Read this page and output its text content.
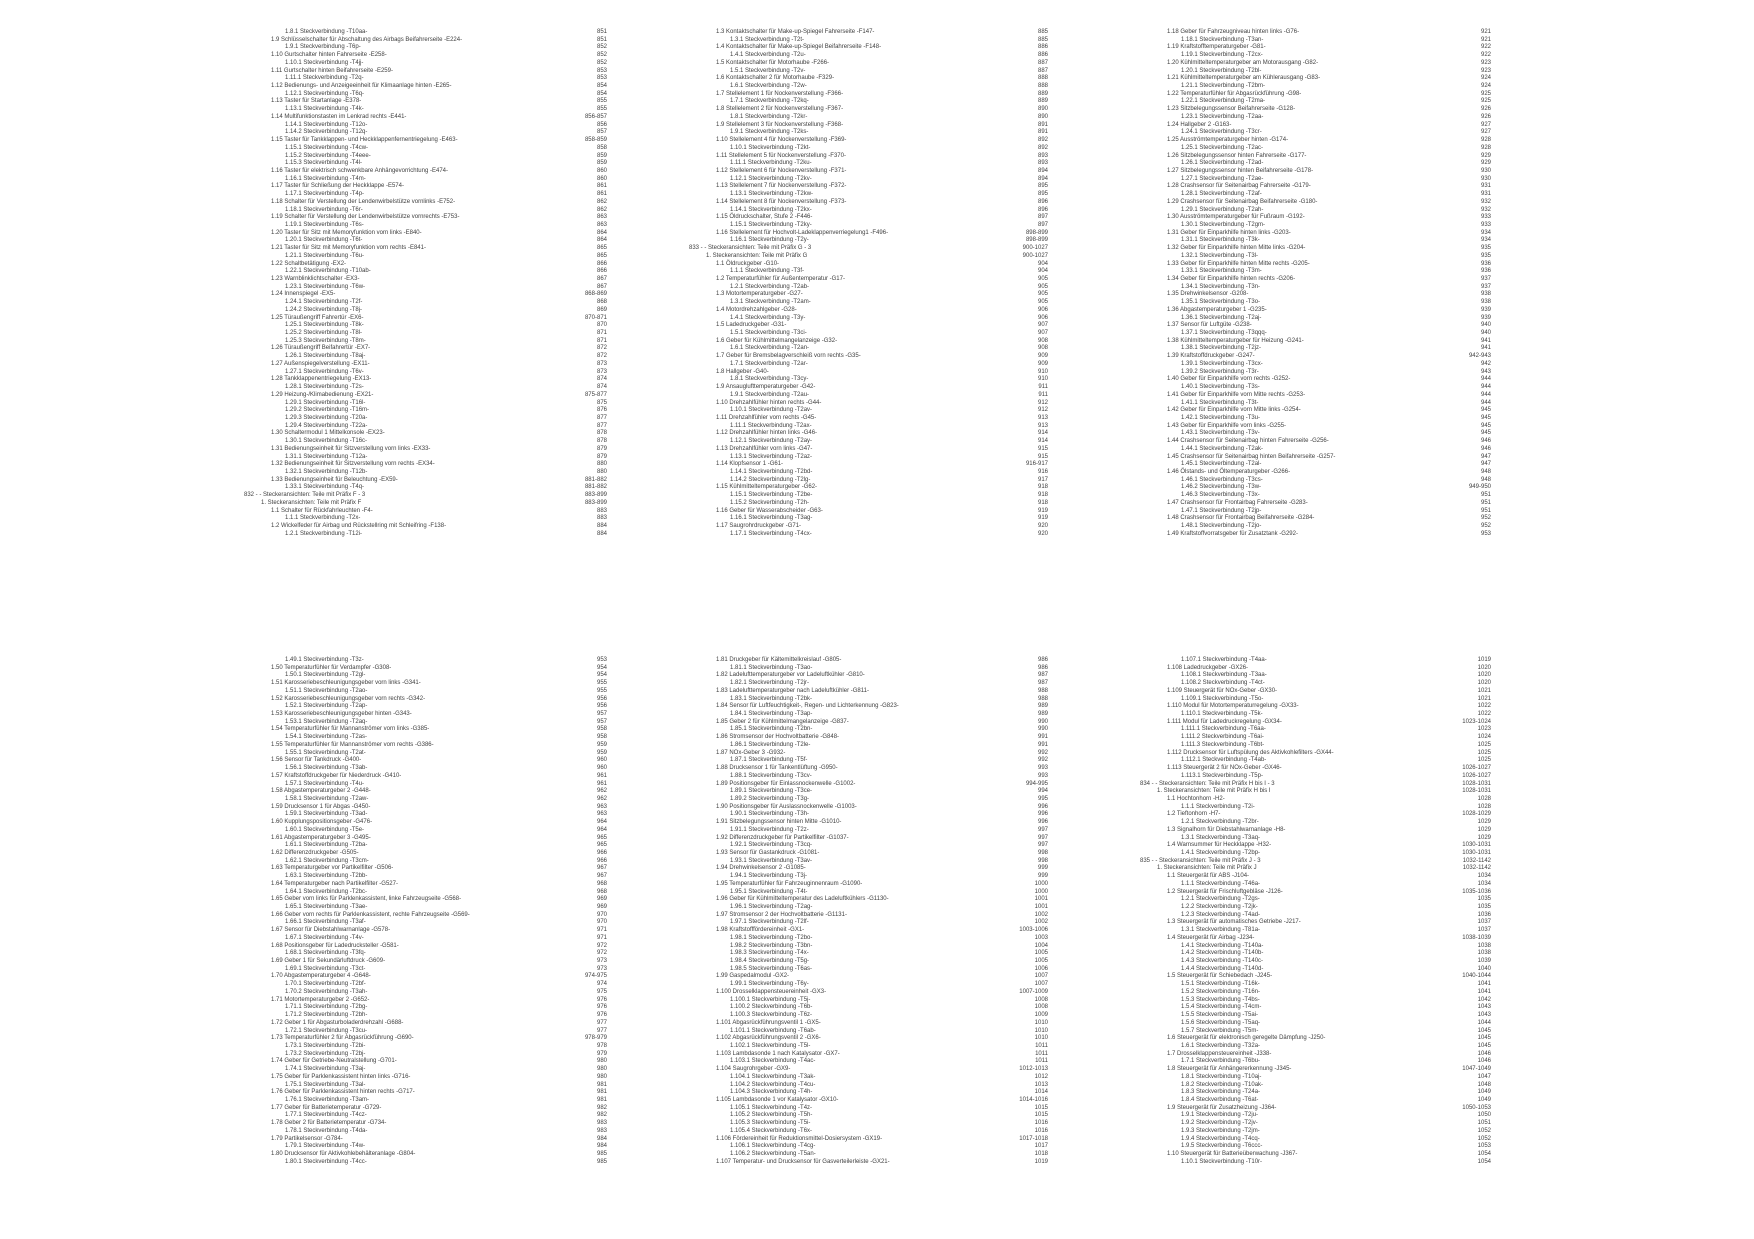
1.8.1 Steckverbindung -T10aa-	851
1.9 Schlüsselschalter für Abschaltung des Airbags Beifahrerseite -E224-	851
1.9.1 Steckverbindung -T6p-	852
1.10 Gurtschalter hinten Fahrerseite -E258-	852
1.10.1 Steckverbindung -T4jj-	852
1.11 Gurtschalter hinten Beifahrerseite -E259-	853
1.11.1 Steckverbindung -T2q-	853
1.12 Bedienungs- und Anzeigeeinheit für Klimaanlage hinten -E265-	854
1.12.1 Steckverbindung -T6q-	854
1.13 Taster für Startanlage -E378-	855
1.13.1 Steckverbindung -T4k-	855
1.14 Multifunktionstasten im Lenkrad rechts -E441-	856-857
1.14.1 Steckverbindung -T12o-	856
1.14.2 Steckverbindung -T12q-	857
1.15 Taster für Tankklappen- und Heckklappenfernentriegelung -E463-	858-859
1.15.1 Steckverbindung -T4cw-	858
1.15.2 Steckverbindung -T4eee-	859
1.15.3 Steckverbindung -T4l-	859
1.16 Taster für elektrisch schwenkbare Anhängevorrichtung -E474-	860
1.16.1 Steckverbindung -T4m-	860
1.17 Taster für Schließung der Heckklappe -E574-	861
1.17.1 Steckverbindung -T4p-	861
1.18 Schalter für Verstellung der Lendenwirbelstütze vornlinks -E752-	862
1.18.1 Steckverbindung -T6r-	862
1.19 Schalter für Verstellung der Lendenwirbelstütze vornrechts -E753-	863
1.19.1 Steckverbindung -T6s-	863
1.20 Taster für Sitz mit Memoryfunktion vorn links -E840-	864
1.20.1 Steckverbindung -T6t-	864
1.21 Taster für Sitz mit Memoryfunktion vorn rechts -E841-	865
1.21.1 Steckverbindung -T6u-	865
1.22 Schaltbetätigung -EX2-	866
1.22.1 Steckverbindung -T10ab-	866
1.23 Warnblinklichtschalter -EX3-	867
1.23.1 Steckverbindung -T6w-	867
1.24 Innenspiegel -EX5-	868-869
1.24.1 Steckverbindung -T2f-	868
1.24.2 Steckverbindung -T8j-	869
1.25 Türaußengriff Fahrertür -EX6-	870-871
1.25.1 Steckverbindung -T8k-	870
1.25.2 Steckverbindung -T8l-	871
1.25.3 Steckverbindung -T8m-	871
1.26 Türaußengriff Beifahrertür -EX7-	872
1.26.1 Steckverbindung -T8aj-	872
1.27 Außenspiegelverstellung -EX11-	873
1.27.1 Steckverbindung -T6v-	873
1.28 Tankklappenentriegelung -EX13-	874
1.28.1 Steckverbindung -T2s-	874
1.29 Heizung-/Klimabedienung -EX21-	875-877
1.29.1 Steckverbindung -T16l-	875
1.29.2 Steckverbindung -T16m-	876
1.29.3 Steckverbindung -T20a-	877
1.29.4 Steckverbindung -T22a-	877
1.30 Schaltermodul 1 Mittelkonsole -EX23-	878
1.30.1 Steckverbindung -T16c-	878
1.31 Bedienungseinheit für Sitzverstellung vorn links -EX33-	879
1.31.1 Steckverbindung -T12a-	879
1.32 Bedienungseinheit für Sitzverstellung vorn rechts -EX34-	880
1.32.1 Steckverbindung -T12b-	880
1.33 Bedienungseinheit für Beleuchtung -EX59-	881-882
1.33.1 Steckverbindung -T4q-	881-882
832 - - Steckeransichten: Teile mit Präfix F - 3	883-899
1. Steckeransichten: Teile mit Präfix F	883-899
1.1 Schalter für Rückfahrleuchten -F4-	883
1.1.1 Steckverbindung -T2x-	883
1.2 Wickelfeder für Airbag und Rückstellring mit Schleifring -F138-	884
1.2.1 Steckverbindung -T12i-	884
1.3 Kontaktschalter für Make-up-Spiegel Fahrerseite -F147-	885
1.3.1 Steckverbindung -T2t-	885
1.4 Kontaktschalter für Make-up-Spiegel Beifahrerseite -F148-	886
1.4.1 Steckverbindung -T2u-	886
1.5 Kontaktschalter für Motorhaube -F266-	887
1.5.1 Steckverbindung -T2v-	887
1.6 Kontaktschalter 2 für Motorhaube -F329-	888
1.6.1 Steckverbindung -T2w-	888
1.7 Stellelement 1 für Nockenverstellung -F366-	889
1.7.1 Steckverbindung -T2kq-	889
1.8 Stellelement 2 für Nockenverstellung -F367-	890
1.8.1 Steckverbindung -T2kr-	890
1.9 Stellelement 3 für Nockenverstellung -F368-	891
1.9.1 Steckverbindung -T2ks-	891
1.10 Stellelement 4 für Nockenverstellung -F369-	892
1.10.1 Steckverbindung -T2kt-	892
1.11 Stellelement 5 für Nockenverstellung -F370-	893
1.11.1 Steckverbindung -T2ku-	893
1.12 Stellelement 6 für Nockenverstellung -F371-	894
1.12.1 Steckverbindung -T2kv-	894
1.13 Stellelement 7 für Nockenverstellung -F372-	895
1.13.1 Steckverbindung -T2kw-	895
1.14 Stellelement 8 für Nockenverstellung -F373-	896
1.14.1 Steckverbindung -T2kx-	896
1.15 Öldruckschalter, Stufe 2 -F446-	897
1.15.1 Steckverbindung -T2ky-	897
1.16 Stellelement für Hochvolt-Ladeklappenverriegelung1 -F496-	898-899
1.16.1 Steckverbindung -T2y-	898-899
833 - - Steckeransichten: Teile mit Präfix G - 3	900-1027
1. Steckeransichten: Teile mit Präfix G	900-1027
1.1 Öldruckgeber -G10-	904
1.1.1 Steckverbindung -T3f-	904
1.2 Temperaturfühler für Außentemperatur -G17-	905
1.2.1 Steckverbindung -T2ab-	905
1.3 Motortemperaturgeber -G27-	905
1.3.1 Steckverbindung -T2am-	905
1.4 Motordrehzahlgeber -G28-	906
1.4.1 Steckverbindung -T3y-	906
1.5 Ladedruckgeber -G31-	907
1.5.1 Steckverbindung -T3ci-	907
1.6 Geber für Kühlmittelmangelanzeige -G32-	908
1.6.1 Steckverbindung -T2an-	908
1.7 Geber für Bremsbelagverschleiß vorn rechts -G35-	909
1.7.1 Steckverbindung -T2ar-	909
1.8 Hallgeber -G40-	910
1.8.1 Steckverbindung -T3cy-	910
1.9 Ansauglufttemperaturgeber -G42-	911
1.9.1 Steckverbindung -T2au-	911
1.10 Drehzahlfühler hinten rechts -G44-	912
1.10.1 Steckverbindung -T2av-	912
1.11 Drehzahlfühler vorn rechts -G45-	913
1.11.1 Steckverbindung -T2ax-	913
1.12 Drehzahlfühler hinten links -G46-	914
1.12.1 Steckverbindung -T2ay-	914
1.13 Drehzahlfühler vorn links -G47-	915
1.13.1 Steckverbindung -T2az-	915
1.14 Klopfsensor 1 -G61-	916-917
1.14.1 Steckverbindung -T2bd-	916
1.14.2 Steckverbindung -T2lg-	917
1.15 Kühlmitteltemperaturgeber -G62-	918
1.15.1 Steckverbindung -T2be-	918
1.15.2 Steckverbindung -T2h-	918
1.16 Geber für Wasserabscheider -G63-	919
1.16.1 Steckverbindung -T3ag-	919
1.17 Saugrohrdruckgeber -G71-	920
1.17.1 Steckverbindung -T4cx-	920
1.18 Geber für Fahrzeugniveau hinten links -G76-	921
1.18.1 Steckverbindung -T3an-	921
1.19 Kraftstofftemperaturgeber -G81-	922
1.19.1 Steckverbindung -T2cx-	922
1.20 Kühlmitteltemperaturgeber am Motorausgang -G82-	923
1.20.1 Steckverbindung -T2bl-	923
1.21 Kühlmitteltemperaturgeber am Kühlerausgang -G83-	924
1.21.1 Steckverbindung -T2bm-	924
1.22 Temperaturfühler für Abgasrückführung -G98-	925
1.22.1 Steckverbindung -T2ma-	925
1.23 Sitzbelegungssensor Beifahrerseite -G128-	926
1.23.1 Steckverbindung -T2aa-	926
1.24 Hallgeber 2 -G163-	927
1.24.1 Steckverbindung -T3cr-	927
1.25 Ausströmtemperaturgeber hinten -G174-	928
1.25.1 Steckverbindung -T2ac-	928
1.26 Sitzbelegungssensor hinten Fahrerseite -G177-	929
1.26.1 Steckverbindung -T2ad-	929
1.27 Sitzbelegungssensor hinten Beifahrerseite -G178-	930
1.27.1 Steckverbindung -T2ae-	930
1.28 Crashsensor für Seitenairbag Fahrerseite -G179-	931
1.28.1 Steckverbindung -T2af-	931
1.29 Crashsensor für Seitenairbag Beifahrerseite -G180-	932
1.29.1 Steckverbindung -T2ah-	932
1.30 Ausströmtemperaturgeber für Fußraum -G192-	933
1.30.1 Steckverbindung -T2gm-	933
1.31 Geber für Einparkhilfe hinten links -G203-	934
1.31.1 Steckverbindung -T3k-	934
1.32 Geber für Einparkhilfe hinten Mitte links -G204-	935
1.32.1 Steckverbindung -T3l-	935
1.33 Geber für Einparkhilfe hinten Mitte rechts -G205-	936
1.33.1 Steckverbindung -T3m-	936
1.34 Geber für Einparkhilfe hinten rechts -G206-	937
1.34.1 Steckverbindung -T3n-	937
1.35 Drehwinkelsensor -G208-	938
1.35.1 Steckverbindung -T3o-	938
1.36 Abgastemperaturgeber 1 -G235-	939
1.36.1 Steckverbindung -T2aj-	939
1.37 Sensor für Luftgüte -G238-	940
1.37.1 Steckverbindung -T3qqq-	940
1.38 Kühlmitteltemperaturgeber für Heizung -G241-	941
1.38.1 Steckverbindung -T2jz-	941
1.39 Kraftstoffdruckgeber -G247-	942-943
1.39.1 Steckverbindung -T3cx-	942
1.39.2 Steckverbindung -T3r-	943
1.40 Geber für Einparkhilfe vorn rechts -G252-	944
1.40.1 Steckverbindung -T3s-	944
1.41 Geber für Einparkhilfe vorn Mitte rechts -G253-	944
1.41.1 Steckverbindung -T3t-	944
1.42 Geber für Einparkhilfe vorn Mitte links -G254-	945
1.42.1 Steckverbindung -T3u-	945
1.43 Geber für Einparkhilfe vorn links -G255-	945
1.43.1 Steckverbindung -T3v-	945
1.44 Crashsensor für Seitenairbag hinten Fahrerseite -G256-	946
1.44.1 Steckverbindung -T2ak-	946
1.45 Crashsensor für Seitenairbag hinten Beifahrerseite -G257-	947
1.45.1 Steckverbindung -T2al-	947
1.46 Ölstands- und Öltemperaturgeber -G266-	948
1.46.1 Steckverbindung -T3cs-	948
1.46.2 Steckverbindung -T3w-	949-950
1.46.3 Steckverbindung -T3x-	951
1.47 Crashsensor für Frontairbag Fahrerseite -G283-	951
1.47.1 Steckverbindung -T2jp-	951
1.48 Crashsensor für Frontairbag Beifahrerseite -G284-	952
1.48.1 Steckverbindung -T2jo-	952
1.49 Kraftstoffvorratsgeber für Zusatztank -G292-	953
1.49.1 Steckverbindung -T3z-	953
1.50 Temperaturfühler für Verdampfer -G308-	954
1.50.1 Steckverbindung -T2gl-	954
1.51 Karosseriebeschleunigungsgeber vorn links -G341-	955
1.51.1 Steckverbindung -T2ao-	955
1.52 Karosseriebeschleunigungsgeber vorn rechts -G342-	956
1.52.1 Steckverbindung -T2ap-	956
1.53 Karosseriebeschleunigungsgeber hinten -G343-	957
1.53.1 Steckverbindung -T2aq-	957
1.54 Temperaturfühler für Mannanströmer vorn links -G385-	958
1.54.1 Steckverbindung -T2as-	958
1.55 Temperaturfühler für Mannanströmer vorn rechts -G386-	959
1.55.1 Steckverbindung -T2at-	959
1.56 Sensor für Tankdruck -G400-	960
1.56.1 Steckverbindung -T3ab-	960
1.57 Kraftstoffdruckgeber für Niederdruck -G410-	961
1.57.1 Steckverbindung -T4u-	961
1.58 Abgastemperaturgeber 2 -G448-	962
1.58.1 Steckverbindung -T2aw-	962
1.59 Drucksensor 1 für Abgas -G450-	963
1.59.1 Steckverbindung -T3ad-	963
1.60 Kupplungspositionsgeber -G476-	964
1.60.1 Steckverbindung -T5e-	964
1.61 Abgastemperaturgeber 3 -G495-	965
1.61.1 Steckverbindung -T2ba-	965
1.62 Differenzdruckgeber -G505-	966
1.62.1 Steckverbindung -T3cm-	966
1.63 Temperaturgeber vor Partikelfilter -G506-	967
1.63.1 Steckverbindung -T2bb-	967
1.64 Temperaturgeber nach Partikelfilter -G527-	968
1.64.1 Steckverbindung -T2bc-	968
1.65 Geber vorn links für Parklenkassistent, linke Fahrzeugseite -G568-	969
1.65.1 Steckverbindung -T3ae-	969
1.66 Geber vorn rechts für Parklenkassistent, rechte Fahrzeugseite -G569-	970
1.66.1 Steckverbindung -T3af-	970
1.67 Sensor für Diebstahlwarnanlage -G578-	971
1.67.1 Steckverbindung -T4v-	971
1.68 Positionsgeber für Ladedrucksteller -G581-	972
1.68.1 Steckverbindung -T3fq-	972
1.69 Geber 1 für Sekundärluftdruck -G609-	973
1.69.1 Steckverbindung -T3ct-	973
1.70 Abgastemperaturgeber 4 -G648-	974-975
1.70.1 Steckverbindung -T2bf-	974
1.70.2 Steckverbindung -T3ah-	975
1.71 Motortemperaturgeber 2 -G652-	976
1.71.1 Steckverbindung -T2bg-	976
1.71.2 Steckverbindung -T2bh-	976
1.72 Geber 1 für Abgasturboladerdrehzahl -G688-	977
1.72.1 Steckverbindung -T3cu-	977
1.73 Temperaturfühler 2 für Abgasrückführung -G690-	978-979
1.73.1 Steckverbindung -T2bi-	978
1.73.2 Steckverbindung -T2bj-	979
1.74 Geber für Getriebe-Neutralstellung -G701-	980
1.74.1 Steckverbindung -T3aj-	980
1.75 Geber für Parklenkassistent hinten links -G716-	980
1.75.1 Steckverbindung -T3al-	981
1.76 Geber für Parklenkassistent hinten rechts -G717-	981
1.76.1 Steckverbindung -T3am-	981
1.77 Geber für Batterietemperatur -G729-	982
1.77.1 Steckverbindung -T4cz-	982
1.78 Geber 2 für Batterietemperatur -G734-	983
1.78.1 Steckverbindung -T4da-	983
1.79 Partikelsensor -G784-	984
1.79.1 Steckverbindung -T4w-	984
1.80 Drucksensor für Aktivkohlebehälteranlage -G804-	985
1.80.1 Steckverbindung -T4cc-	985
1.81 Druckgeber für Kältemittelkreislauf -G805-	986
1.81.1 Steckverbindung -T3ao-	986
1.82 Ladelufttemperaturgeber vor Ladeluftkühler -G810-	987
1.82.1 Steckverbindung -T2jr-	987
1.83 Ladelufttemperaturgeber nach Ladeluftkühler -G811-	988
1.83.1 Steckverbindung -T2bk-	988
1.84 Sensor für Luftfeuchtigkeit-, Regen- und Lichterkennung -G823-	989
1.84.1 Steckverbindung -T3ap-	989
1.85 Geber 2 für Kühlmittelmangelanzeige -G837-	990
1.85.1 Steckverbindung -T2bn-	990
1.86 Stromsensor der Hochvoltbatterie -G848-	991
1.86.1 Steckverbindung -T2le-	991
1.87 NOx-Geber 3 -G932-	992
1.87.1 Steckverbindung -T5f-	992
1.88 Drucksensor 1 für Tankentlüftung -G950-	993
1.88.1 Steckverbindung -T3cv-	993
1.89 Positionsgeber für Einlassnockenwelle -G1002-	994-995
1.89.1 Steckverbindung -T3ce-	994
1.89.2 Steckverbindung -T3g-	995
1.90 Positionsgeber für Auslassnockenwelle -G1003-	996
1.90.1 Steckverbindung -T3h-	996
1.91 Sitzbelegungssensor hinten Mitte -G1010-	996
1.91.1 Steckverbindung -T2z-	997
1.92 Differenzdruckgeber für Partikelfilter -G1037-	997
1.92.1 Steckverbindung -T3cq-	997
1.93 Sensor für Gastankdruck -G1081-	998
1.93.1 Steckverbindung -T3av-	998
1.94 Drehwinkelsensor 2 -G1085-	999
1.94.1 Steckverbindung -T3j-	999
1.95 Temperaturfühler für Fahrzeuginnenraum -G1090-	1000
1.95.1 Steckverbindung -T4t-	1000
1.96 Geber für Kühlmitteltemperatur des Ladeluftkühlers -G1130-	1001
1.96.1 Steckverbindung -T2ag-	1001
1.97 Stromsensor 2 der Hochvoltbatterie -G1131-	1002
1.97.1 Steckverbindung -T2lf-	1002
1.98 Kraftstofffördereinheit -GX1-	1003-1006
1.98.1 Steckverbindung -T2bo-	1003
1.98.2 Steckverbindung -T3bn-	1004
1.98.3 Steckverbindung -T4x-	1005
1.98.4 Steckverbindung -T5g-	1005
1.98.5 Steckverbindung -T6as-	1006
1.99 Gaspedalmodul -GX2-	1007
1.99.1 Steckverbindung -T6y-	1007
1.100 Drosselklappensteuereinheit -GX3-	1007-1009
1.100.1 Steckverbindung -T5j-	1008
1.100.2 Steckverbindung -T6b-	1008
1.100.3 Steckverbindung -T6z-	1009
1.101 Abgasrückführungsventil 1 -GX5-	1010
1.101.1 Steckverbindung -T6ab-	1010
1.102 Abgasrückführungsventil 2 -GX6-	1010
1.102.1 Steckverbindung -T5l-	1011
1.103 Lambdasonde 1 nach Katalysator -GX7-	1011
1.103.1 Steckverbindung -T4ac-	1011
1.104 Saugrohrgeber -GX9-	1012-1013
1.104.1 Steckverbindung -T3ak-	1012
1.104.2 Steckverbindung -T4cu-	1013
1.104.3 Steckverbindung -T4h-	1014
1.105 Lambdasonde 1 vor Katalysator -GX10-	1014-1016
1.105.1 Steckverbindung -T4z-	1015
1.105.2 Steckverbindung -T5h-	1015
1.105.3 Steckverbindung -T5i-	1016
1.105.4 Steckverbindung -T6x-	1016
1.106 Fördereinheit für Reduktionsmittel-Dosiersystem -GX19-	1017-1018
1.106.1 Steckverbindung -T4cg-	1017
1.106.2 Steckverbindung -T5an-	1018
1.107 Temperatur- und Drucksensor für Gasverteilerleiste -GX21-	1019
1.107.1 Steckverbindung -T4aa-	1019
1.108 Ladedruckgeber -GX26-	1020
1.108.1 Steckverbindung -T3aa-	1020
1.108.2 Steckverbindung -T4ct-	1020
1.109 Steuergerät für NOx-Geber -GX30-	1021
1.109.1 Steckverbindung -T5o-	1021
1.110 Modul für Motortemperaturregelung -GX33-	1022
1.110.1 Steckverbindung -T5k-	1022
1.111 Modul für Ladedruckregelung -GX34-	1023-1024
1.111.1 Steckverbindung -T6aa-	1023
1.111.2 Steckverbindung -T6ai-	1024
1.111.3 Steckverbindung -T6bt-	1025
1.112 Drucksensor für Luftspülung des Aktivkohlefilters -GX44-	1025
1.112.1 Steckverbindung -T4ab-	1025
1.113 Steuergerät 2 für NOx-Geber -GX46-	1026-1027
1.113.1 Steckverbindung -T5p-	1026-1027
834 - - Steckeransichten: Teile mit Präfix H bis I - 3	1028-1031
1. Steckeransichten: Teile mit Präfix H bis I	1028-1031
1.1 Hochtonhorn -H2-	1028
1.1.1 Steckverbindung -T2i-	1028
1.2 Tieftonhorn -H7-	1028-1029
1.2.1 Steckverbindung -T2br-	1029
1.3 Signalhorn für Diebstahlwarnanlage -H8-	1029
1.3.1 Steckverbindung -T3aq-	1029
1.4 Warnsummer für Heckklappe -H32-	1030-1031
1.4.1 Steckverbindung -T2bp-	1030-1031
835 - - Steckeransichten: Teile mit Präfix J - 3	1032-1142
1. Steckeransichten: Teile mit Präfix J	1032-1142
1.1 Steuergerät für ABS -J104-	1034
1.1.1 Steckverbindung -T46a-	1034
1.2 Steuergerät für Frischluftgebläse -J126-	1035-1036
1.2.1 Steckverbindung -T2gs-	1035
1.2.2 Steckverbindung -T2jk-	1035
1.2.3 Steckverbindung -T4ad-	1036
1.3 Steuergerät für automatisches Getriebe -J217-	1037
1.3.1 Steckverbindung -T81a-	1037
1.4 Steuergerät für Airbag -J234-	1038-1039
1.4.1 Steckverbindung -T140a-	1038
1.4.2 Steckverbindung -T140b-	1038
1.4.3 Steckverbindung -T140c-	1039
1.4.4 Steckverbindung -T140d-	1040
1.5 Steuergerät für Schiebedach -J245-	1040-1044
1.5.1 Steckverbindung -T16k-	1041
1.5.2 Steckverbindung -T16n-	1041
1.5.3 Steckverbindung -T4bs-	1042
1.5.4 Steckverbindung -T4cm-	1043
1.5.5 Steckverbindung -T5ai-	1043
1.5.6 Steckverbindung -T5aq-	1044
1.5.7 Steckverbindung -T5m-	1045
1.6 Steuergerät für elektronisch geregelte Dämpfung -J250-	1045
1.6.1 Steckverbindung -T32a-	1045
1.7 Drosselklappensteuereinheit -J338-	1046
1.7.1 Steckverbindung -T6bu-	1046
1.8 Steuergerät für Anhängererkennung -J345-	1047-1049
1.8.1 Steckverbindung -T10aj-	1047
1.8.2 Steckverbindung -T10ak-	1048
1.8.3 Steckverbindung -T24a-	1049
1.8.4 Steckverbindung -T6at-	1049
1.9 Steuergerät für Zusatzheizung -J364-	1050-1053
1.9.1 Steckverbindung -T2ju-	1050
1.9.2 Steckverbindung -T2jv-	1051
1.9.3 Steckverbindung -T2jm-	1052
1.9.4 Steckverbindung -T4cq-	1052
1.9.5 Steckverbindung -T6ccc-	1053
1.10 Steuergerät für Batterieüberwachung -J367-	1054
1.10.1 Steckverbindung -T10r-	1054
